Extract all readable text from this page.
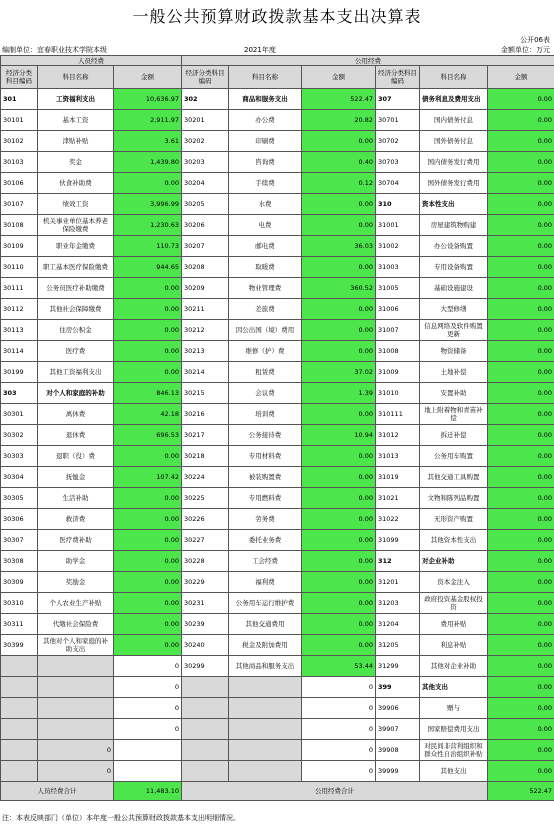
一般公共预算财政拨款基本支出决算表
公开06表
编制单位：宜春职业技术学院本级	2021年度	金额单位：万元
人员经费			公用经费					
经济分类科目编码	科目名称	金额	经济分类科目编码	科目名称	金额	经济分类科目编码	科目名称	金额
301	工资福利支出	10,636.97	302	商品和服务支出	522.47	307	债务利息及费用支出	0.00
30101	基本工资	2,911.97	30201	办公费	20.82	30701	国内债务付息	0.00
30102	津贴补贴	3.61	30202	印刷费	0.00	30702	国外债务付息	0.00
30103	奖金	1,439.80	30203	咨询费	0.40	30703	国内债务发行费用	0.00
30106	伙食补助费	0.00	30204	手续费	0.12	30704	国外债务发行费用	0.00
30107	绩效工资	3,996.99	30205	水费	0.00	310	资本性支出	0.00
30108	机关事业单位基本养老保险缴费	1,230.63	30206	电费	0.00	31001	房屋建筑物购建	0.00
30109	职业年金缴费	110.73	30207	邮电费	36.03	31002	办公设备购置	0.00
30110	职工基本医疗保险缴费	944.65	30208	取暖费	0.00	31003	专用设备购置	0.00
30111	公务员医疗补助缴费	0.00	30209	物业管理费	360.52	31005	基础设施建设	0.00
30112	其他社会保障缴费	0.00	30211	差旅费	0.00	31006	大型修缮	0.00
30113	住房公积金	0.00	30212	因公出国（境）费用	0.00	31007	信息网络及软件购置更新	0.00
30114	医疗费	0.00	30213	维修（护）费	0.00	31008	物资储备	0.00
30199	其他工资福利支出	0.00	30214	租赁费	37.02	31009	土地补偿	0.00
303	对个人和家庭的补助	846.13	30215	会议费	1.39	31010	安置补助	0.00
30301	离休费	42.18	30216	培训费	0.00	310111	地上附着物和青苗补偿	0.00
30302	退休费	696.53	30217	公务接待费	10.94	31012	拆迁补偿	0.00
30303	退职（役）费	0.00	30218	专用材料费	0.00	31013	公务用车购置	0.00
30304	抚恤金	107.42	30224	被装购置费	0.00	31019	其他交通工具购置	0.00
30305	生活补助	0.00	30225	专用燃料费	0.00	31021	文物和陈列品购置	0.00
30306	救济费	0.00	30226	劳务费	0.00	31022	无形资产购置	0.00
30307	医疗费补助	0.00	30227	委托业务费	0.00	31099	其他资本性支出	0.00
30308	助学金	0.00	30228	工会经费	0.00	312	对企业补助	0.00
30309	奖励金	0.00	30229	福利费	0.00	31201	资本金注入	0.00
30310	个人农业生产补贴	0.00	30231	公务用车运行维护费	0.00	31203	政府投资基金股权投资	0.00
30311	代缴社会保险费	0.00	30239	其他交通费用	0.00	31204	费用补贴	0.00
30399	其他对个人和家庭的补助支出	0.00	30240	税金及附加费用	0.00	31205	利息补贴	0.00
		0	30299	其他商品和服务支出	53.44	31299	其他对企业补助	0.00
		0			0	399	其他支出	0.00
		0			0	39906	赠与	0.00
		0			0	39907	国家赔偿费用支出	0.00
	0				0	39908	对民间非营利组织和群众性自治组织补贴	0.00
	0				0	39999	其他支出	0.00
人员经费合计		11,483.10	公用经费合计					522.47
注：本表反映部门（单位）本年度一般公共预算财政拨款基本支出明细情况。
